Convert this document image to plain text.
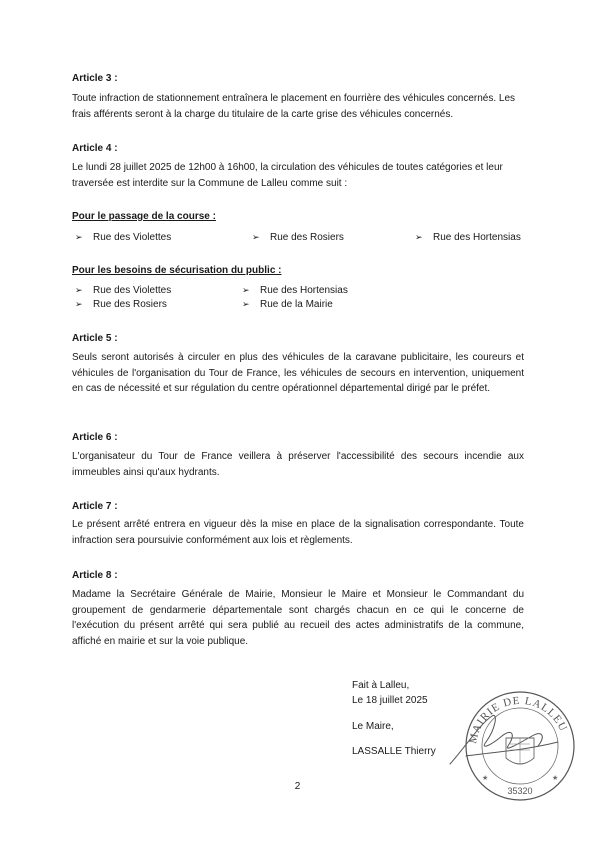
Article 3 :
Toute infraction de stationnement entraînera le placement en fourrière des véhicules concernés. Les frais afférents seront à la charge du titulaire de la carte grise des véhicules concernés.
Article 4 :
Le lundi 28 juillet 2025 de 12h00 à 16h00, la circulation des véhicules de toutes catégories et leur traversée est interdite sur la Commune de Lalleu comme suit :
Pour le passage de la course :
➢ Rue des Violettes	➢ Rue des Rosiers	➢ Rue des Hortensias
Pour les besoins de sécurisation du public :
➢ Rue des Violettes	➢ Rue des Hortensias
➢ Rue des Rosiers	➢ Rue de la Mairie
Article 5 :
Seuls seront autorisés à circuler en plus des véhicules de la caravane publicitaire, les coureurs et véhicules de l'organisation du Tour de France, les véhicules de secours en intervention, uniquement en cas de nécessité et sur régulation du centre opérationnel départemental dirigé par le préfet.
Article 6 :
L'organisateur du Tour de France veillera à préserver l'accessibilité des secours incendie aux immeubles ainsi qu'aux hydrants.
Article 7 :
Le présent arrêté entrera en vigueur dès la mise en place de la signalisation correspondante. Toute infraction sera poursuivie conformément aux lois et règlements.
Article 8 :
Madame la Secrétaire Générale de Mairie, Monsieur le Maire et Monsieur le Commandant du groupement de gendarmerie départementale sont chargés chacun en ce qui le concerne de l'exécution du présent arrêté qui sera publié au recueil des actes administratifs de la commune, affiché en mairie et sur la voie publique.
Fait à Lalleu,
Le 18 juillet 2025
Le Maire,
LASSALLE Thierry
MAIRIE DE LALLEU
35320
★	★
2
